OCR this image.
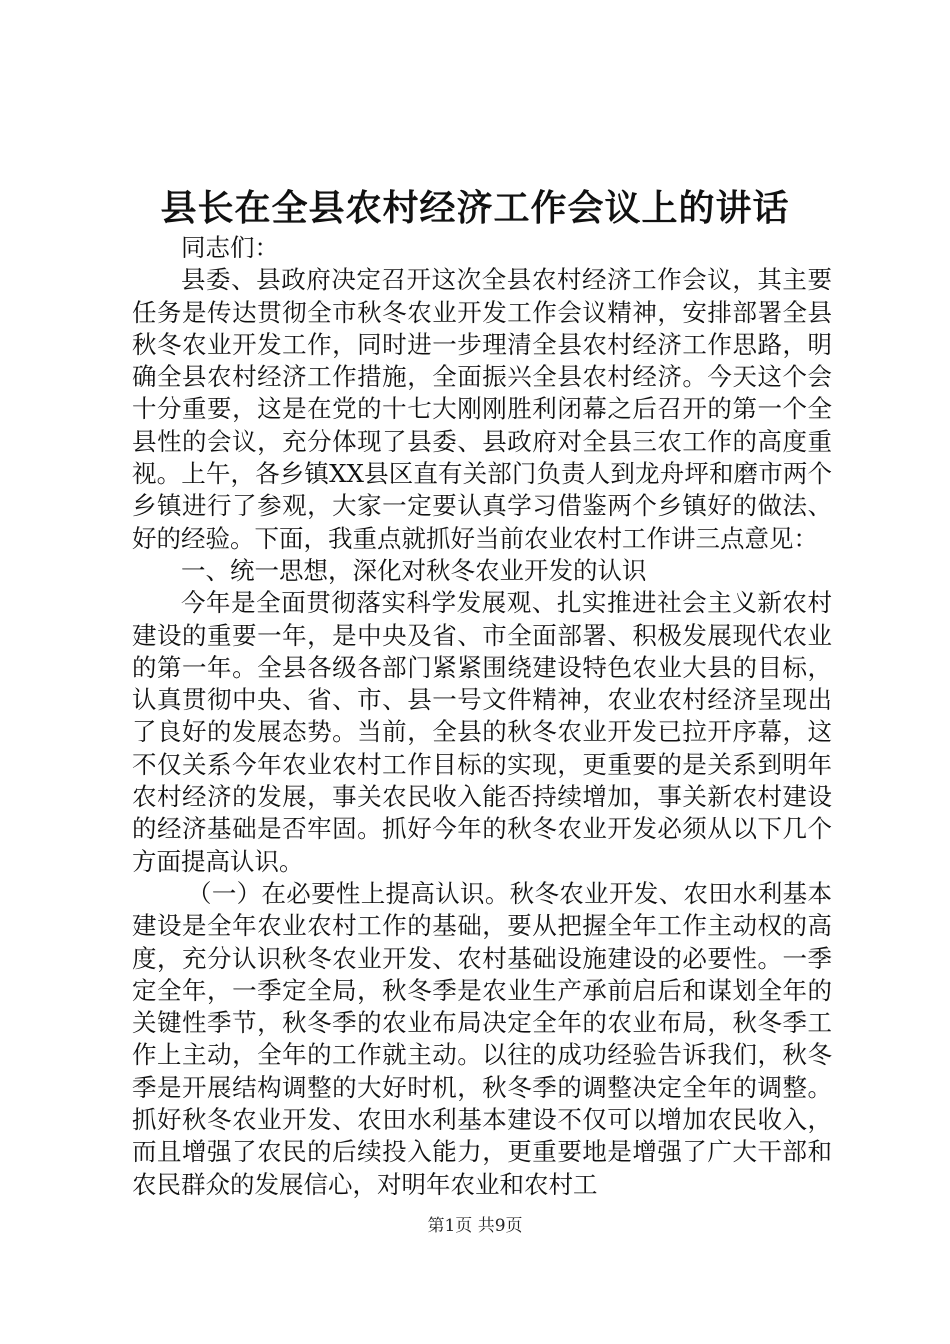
县长在全县农村经济工作会议上的讲话

同志们：

县委、县政府决定召开这次全县农村经济工作会议，其主要任务是传达贯彻全市秋冬农业开发工作会议精神，安排部署全县秋冬农业开发工作，同时进一步理清全县农村经济工作思路，明确全县农村经济工作措施，全面振兴全县农村经济。今天这个会十分重要，这是在党的十七大刚刚胜利闭幕之后召开的第一个全县性的会议，充分体现了县委、县政府对全县三农工作的高度重视。上午，各乡镇XX县区直有关部门负责人到龙舟坪和磨市两个乡镇进行了参观，大家一定要认真学习借鉴两个乡镇好的做法、好的经验。下面，我重点就抓好当前农业农村工作讲三点意见：

一、统一思想，深化对秋冬农业开发的认识

今年是全面贯彻落实科学发展观、扎实推进社会主义新农村建设的重要一年，是中央及省、市全面部署、积极发展现代农业的第一年。全县各级各部门紧紧围绕建设特色农业大县的目标，认真贯彻中央、省、市、县一号文件精神，农业农村经济呈现出了良好的发展态势。当前，全县的秋冬农业开发已拉开序幕，这不仅关系今年农业农村工作目标的实现，更重要的是关系到明年农村经济的发展，事关农民收入能否持续增加，事关新农村建设的经济基础是否牢固。抓好今年的秋冬农业开发必须从以下几个方面提高认识。

（一）在必要性上提高认识。秋冬农业开发、农田水利基本建设是全年农业农村工作的基础，要从把握全年工作主动权的高度，充分认识秋冬农业开发、农村基础设施建设的必要性。一季定全年，一季定全局，秋冬季是农业生产承前启后和谋划全年的关键性季节，秋冬季的农业布局决定全年的农业布局，秋冬季工作上主动，全年的工作就主动。以往的成功经验告诉我们，秋冬季是开展结构调整的大好时机，秋冬季的调整决定全年的调整。抓好秋冬农业开发、农田水利基本建设不仅可以增加农民收入，而且增强了农民的后续投入能力，更重要地是增强了广大干部和农民群众的发展信心，对明年农业和农村工

第1页 共9页
